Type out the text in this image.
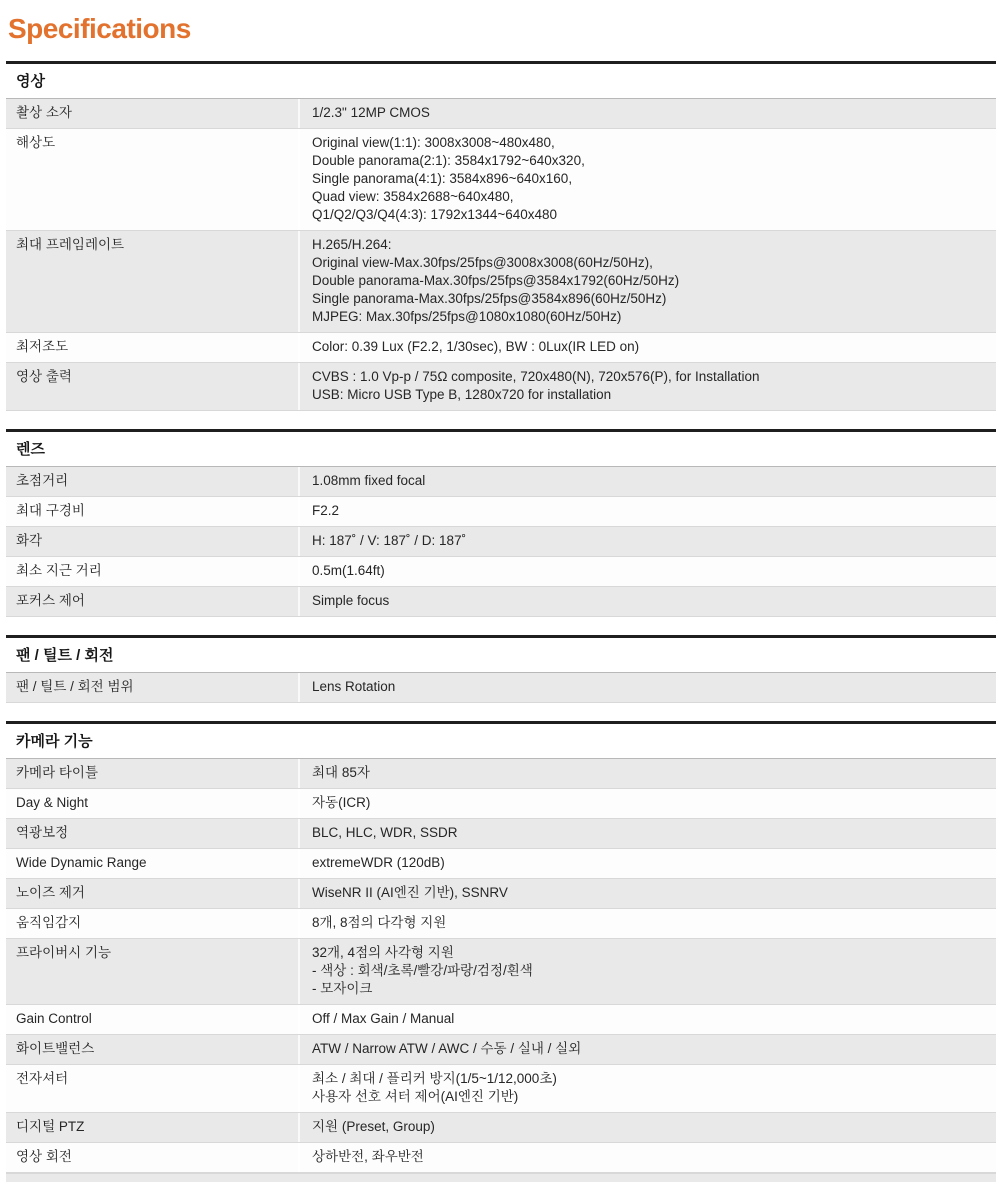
Specifications
영상
촬상 소자	1/2.3" 12MP CMOS
해상도	Original view(1:1): 3008x3008~480x480,
Double panorama(2:1): 3584x1792~640x320,
Single panorama(4:1): 3584x896~640x160,
Quad view: 3584x2688~640x480,
Q1/Q2/Q3/Q4(4:3): 1792x1344~640x480
최대 프레임레이트	H.265/H.264:
Original view-Max.30fps/25fps@3008x3008(60Hz/50Hz),
Double panorama-Max.30fps/25fps@3584x1792(60Hz/50Hz)
Single panorama-Max.30fps/25fps@3584x896(60Hz/50Hz)
MJPEG: Max.30fps/25fps@1080x1080(60Hz/50Hz)
최저조도	Color: 0.39 Lux (F2.2, 1/30sec), BW : 0Lux(IR LED on)
영상 출력	CVBS : 1.0 Vp-p / 75Ω composite, 720x480(N), 720x576(P), for Installation
USB: Micro USB Type B, 1280x720 for installation
렌즈
초점거리	1.08mm fixed focal
최대 구경비	F2.2
화각	H: 187˚ / V: 187˚ / D: 187˚
최소 지근 거리	0.5m(1.64ft)
포커스 제어	Simple focus
팬 / 틸트 / 회전
팬 / 틸트 / 회전 범위	Lens Rotation
카메라 기능
카메라 타이틀	최대 85자
Day & Night	자동(ICR)
역광보정	BLC, HLC, WDR, SSDR
Wide Dynamic Range	extremeWDR (120dB)
노이즈 제거	WiseNR II (AI엔진 기반), SSNRV
움직임감지	8개, 8점의 다각형 지원
프라이버시 기능	32개, 4점의 사각형 지원
- 색상 : 회색/초록/빨강/파랑/검정/흰색
- 모자이크
Gain Control	Off / Max Gain / Manual
화이트밸런스	ATW / Narrow ATW / AWC / 수동 / 실내 / 실외
전자셔터	최소 / 최대 / 플리커 방지(1/5~1/12,000초)
사용자 선호 셔터 제어(AI엔진 기반)
디지털 PTZ	지원 (Preset, Group)
영상 회전	상하반전, 좌우반전
